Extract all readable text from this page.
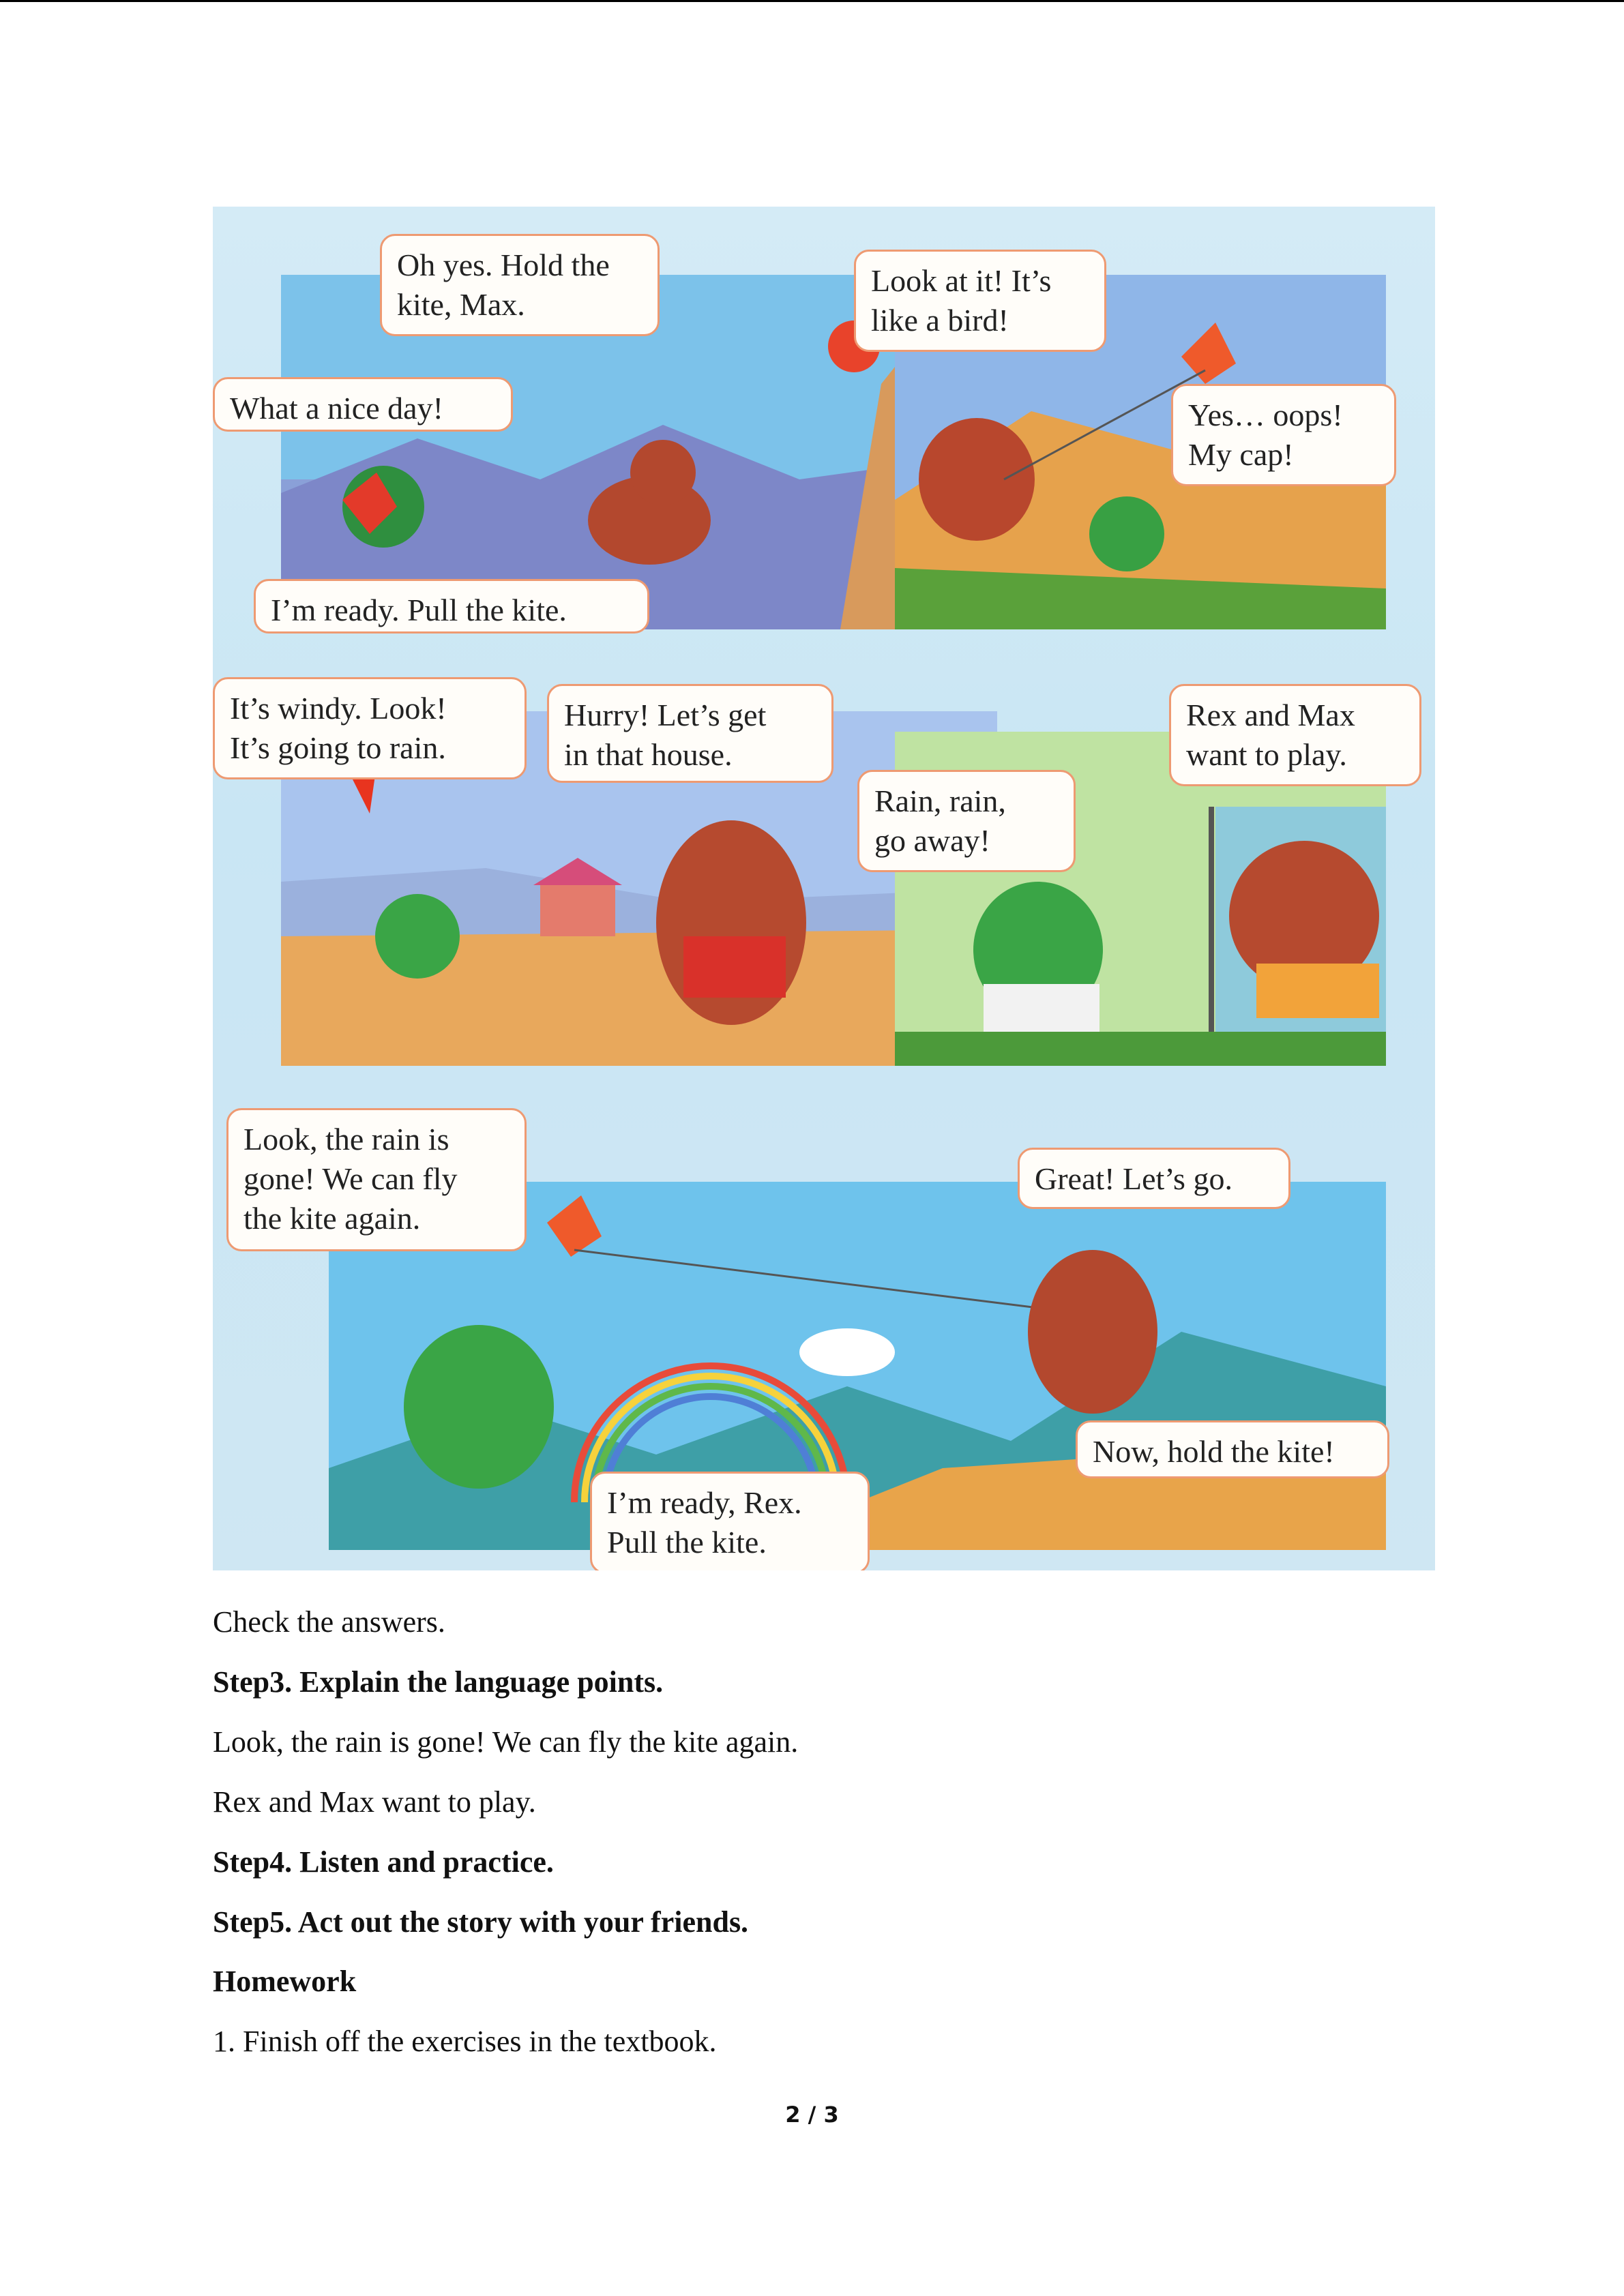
Oh yes. Hold the
kite, Max.
What a nice day!
I’m ready. Pull the kite.
Look at it! It’s
like a bird!
Yes… oops!
My cap!
It’s windy. Look!
It’s going to rain.
Hurry! Let’s get
in that house.
Rex and Max
want to play.
Rain, rain,
go away!
Look, the rain is
gone! We can fly
the kite again.
Great! Let’s go.
Now, hold the kite!
I’m ready, Rex.
Pull the kite.
Check the answers.
Step3. Explain the language points.
Look, the rain is gone! We can fly the kite again.
Rex and Max want to play.
Step4. Listen and practice.
Step5. Act out the story with your friends.
Homework
1. Finish off the exercises in the textbook.
2 / 3
